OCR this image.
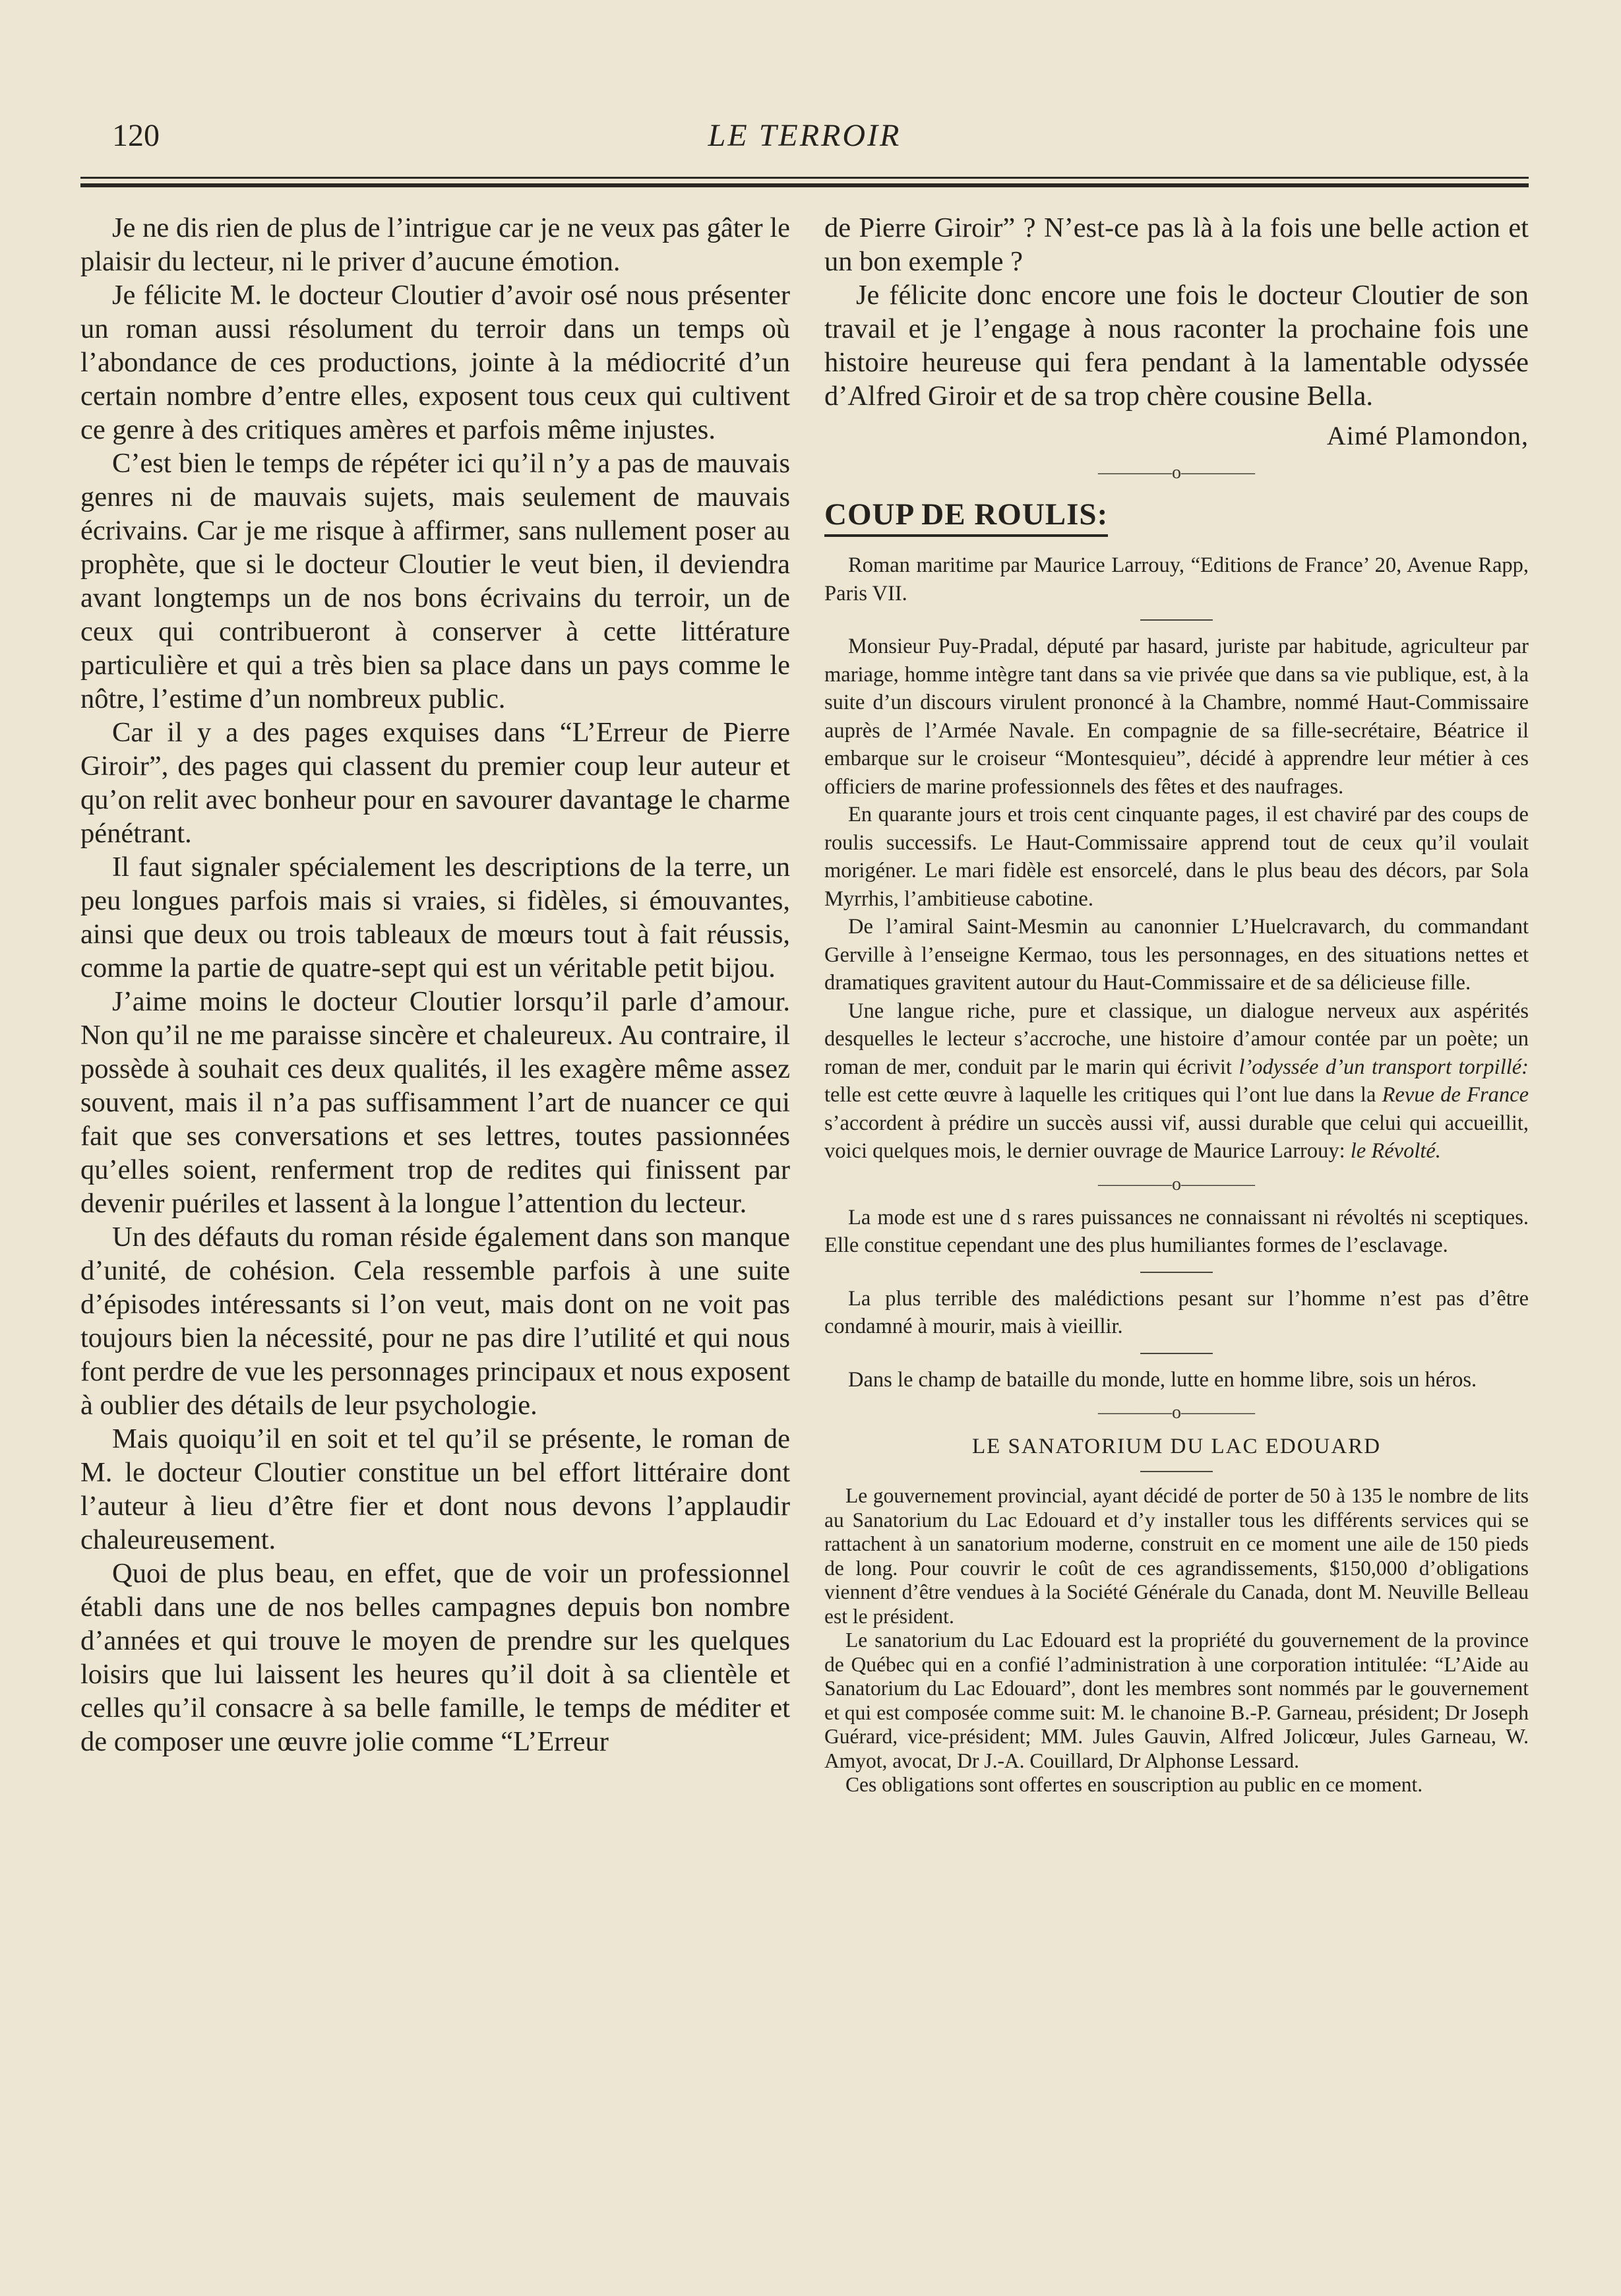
120	LE TERROIR

Je ne dis rien de plus de l’intrigue car je ne veux pas gâter le plaisir du lecteur, ni le priver d’aucune émotion.

Je félicite M. le docteur Cloutier d’avoir osé nous présenter un roman aussi résolument du terroir dans un temps où l’abondance de ces productions, jointe à la médiocrité d’un certain nombre d’entre elles, exposent tous ceux qui cultivent ce genre à des critiques amères et parfois même injustes.

C’est bien le temps de répéter ici qu’il n’y a pas de mauvais genres ni de mauvais sujets, mais seulement de mauvais écrivains. Car je me risque à affirmer, sans nullement poser au prophète, que si le docteur Cloutier le veut bien, il deviendra avant longtemps un de nos bons écrivains du terroir, un de ceux qui contribueront à conserver à cette littérature particulière et qui a très bien sa place dans un pays comme le nôtre, l’estime d’un nombreux public.

Car il y a des pages exquises dans “L’Erreur de Pierre Giroir”, des pages qui classent du premier coup leur auteur et qu’on relit avec bonheur pour en savourer davantage le charme pénétrant.

Il faut signaler spécialement les descriptions de la terre, un peu longues parfois mais si vraies, si fidèles, si émouvantes, ainsi que deux ou trois tableaux de mœurs tout à fait réussis, comme la partie de quatre-sept qui est un véritable petit bijou.

J’aime moins le docteur Cloutier lorsqu’il parle d’amour. Non qu’il ne me paraisse sincère et chaleureux. Au contraire, il possède à souhait ces deux qualités, il les exagère même assez souvent, mais il n’a pas suffisamment l’art de nuancer ce qui fait que ses conversations et ses lettres, toutes passionnées qu’elles soient, renferment trop de redites qui finissent par devenir puériles et lassent à la longue l’attention du lecteur.

Un des défauts du roman réside également dans son manque d’unité, de cohésion. Cela ressemble parfois à une suite d’épisodes intéressants si l’on veut, mais dont on ne voit pas toujours bien la nécessité, pour ne pas dire l’utilité et qui nous font perdre de vue les personnages principaux et nous exposent à oublier des détails de leur psychologie.

Mais quoiqu’il en soit et tel qu’il se présente, le roman de M. le docteur Cloutier constitue un bel effort littéraire dont l’auteur à lieu d’être fier et dont nous devons l’applaudir chaleureusement.

Quoi de plus beau, en effet, que de voir un professionnel établi dans une de nos belles campagnes depuis bon nombre d’années et qui trouve le moyen de prendre sur les quelques loisirs que lui laissent les heures qu’il doit à sa clientèle et celles qu’il consacre à sa belle famille, le temps de méditer et de composer une œuvre jolie comme “L’Erreur

de Pierre Giroir” ? N’est-ce pas là à la fois une belle action et un bon exemple ?

Je félicite donc encore une fois le docteur Cloutier de son travail et je l’engage à nous raconter la prochaine fois une histoire heureuse qui fera pendant à la lamentable odyssée d’Alfred Giroir et de sa trop chère cousine Bella.

Aimé Plamondon,
————o————
COUP DE ROULIS:

Roman maritime par Maurice Larrouy, “Editions de France’ 20, Avenue Rapp, Paris VII.

Monsieur Puy-Pradal, député par hasard, juriste par habitude, agriculteur par mariage, homme intègre tant dans sa vie privée que dans sa vie publique, est, à la suite d’un discours virulent prononcé à la Chambre, nommé Haut-Commissaire auprès de l’Armée Navale. En compagnie de sa fille-secrétaire, Béatrice il embarque sur le croiseur “Montesquieu”, décidé à apprendre leur métier à ces officiers de marine professionnels des fêtes et des naufrages.

En quarante jours et trois cent cinquante pages, il est chaviré par des coups de roulis successifs. Le Haut-Commissaire apprend tout de ceux qu’il voulait morigéner. Le mari fidèle est ensorcelé, dans le plus beau des décors, par Sola Myrrhis, l’ambitieuse cabotine.

De l’amiral Saint-Mesmin au canonnier L’Huelcravarch, du commandant Gerville à l’enseigne Kermao, tous les personnages, en des situations nettes et dramatiques gravitent autour du Haut-Commissaire et de sa délicieuse fille.

Une langue riche, pure et classique, un dialogue nerveux aux aspérités desquelles le lecteur s’accroche, une histoire d’amour contée par un poète; un roman de mer, conduit par le marin qui écrivit l’odyssée d’un transport torpillé: telle est cette œuvre à laquelle les critiques qui l’ont lue dans la Revue de France s’accordent à prédire un succès aussi vif, aussi durable que celui qui accueillit, voici quelques mois, le dernier ouvrage de Maurice Larrouy: le Révolté.

————o————

La mode est une d s rares puissances ne connaissant ni révoltés ni sceptiques. Elle constitue cependant une des plus humiliantes formes de l’esclavage.

La plus terrible des malédictions pesant sur l’homme n’est pas d’être condamné à mourir, mais à vieillir.

Dans le champ de bataille du monde, lutte en homme libre, sois un héros.

————o————
LE SANATORIUM DU LAC EDOUARD

Le gouvernement provincial, ayant décidé de porter de 50 à 135 le nombre de lits au Sanatorium du Lac Edouard et d’y installer tous les différents services qui se rattachent à un sanatorium moderne, construit en ce moment une aile de 150 pieds de long. Pour couvrir le coût de ces agrandissements, $150,000 d’obligations viennent d’être vendues à la Société Générale du Canada, dont M. Neuville Belleau est le président.

Le sanatorium du Lac Edouard est la propriété du gouvernement de la province de Québec qui en a confié l’administration à une corporation intitulée: “L’Aide au Sanatorium du Lac Edouard”, dont les membres sont nommés par le gouvernement et qui est composée comme suit: M. le chanoine B.-P. Garneau, président; Dr Joseph Guérard, vice-président; MM. Jules Gauvin, Alfred Jolicœur, Jules Garneau, W. Amyot, avocat, Dr J.-A. Couillard, Dr Alphonse Lessard.

Ces obligations sont offertes en souscription au public en ce moment.
